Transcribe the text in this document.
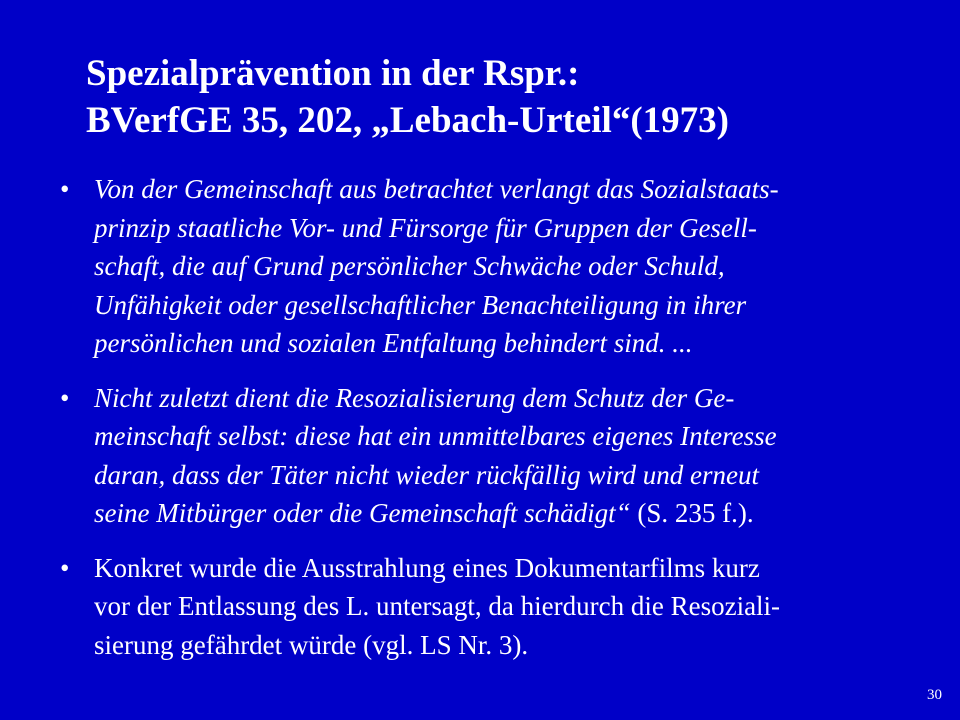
Spezialprävention in der Rspr.:
BVerfGE 35, 202, „Lebach-Urteil“(1973)
• Von der Gemeinschaft aus betrachtet verlangt das Sozialstaats-
prinzip staatliche Vor- und Fürsorge für Gruppen der Gesell-
schaft, die auf Grund persönlicher Schwäche oder Schuld,
Unfähigkeit oder gesellschaftlicher Benachteiligung in ihrer
persönlichen und sozialen Entfaltung behindert sind. ...
• Nicht zuletzt dient die Resozialisierung dem Schutz der Ge-
meinschaft selbst: diese hat ein unmittelbares eigenes Interesse
daran, dass der Täter nicht wieder rückfällig wird und erneut
seine Mitbürger oder die Gemeinschaft schädigt“ (S. 235 f.).
• Konkret wurde die Ausstrahlung eines Dokumentarfilms kurz
vor der Entlassung des L. untersagt, da hierdurch die Resoziali-
sierung gefährdet würde (vgl. LS Nr. 3).
30
